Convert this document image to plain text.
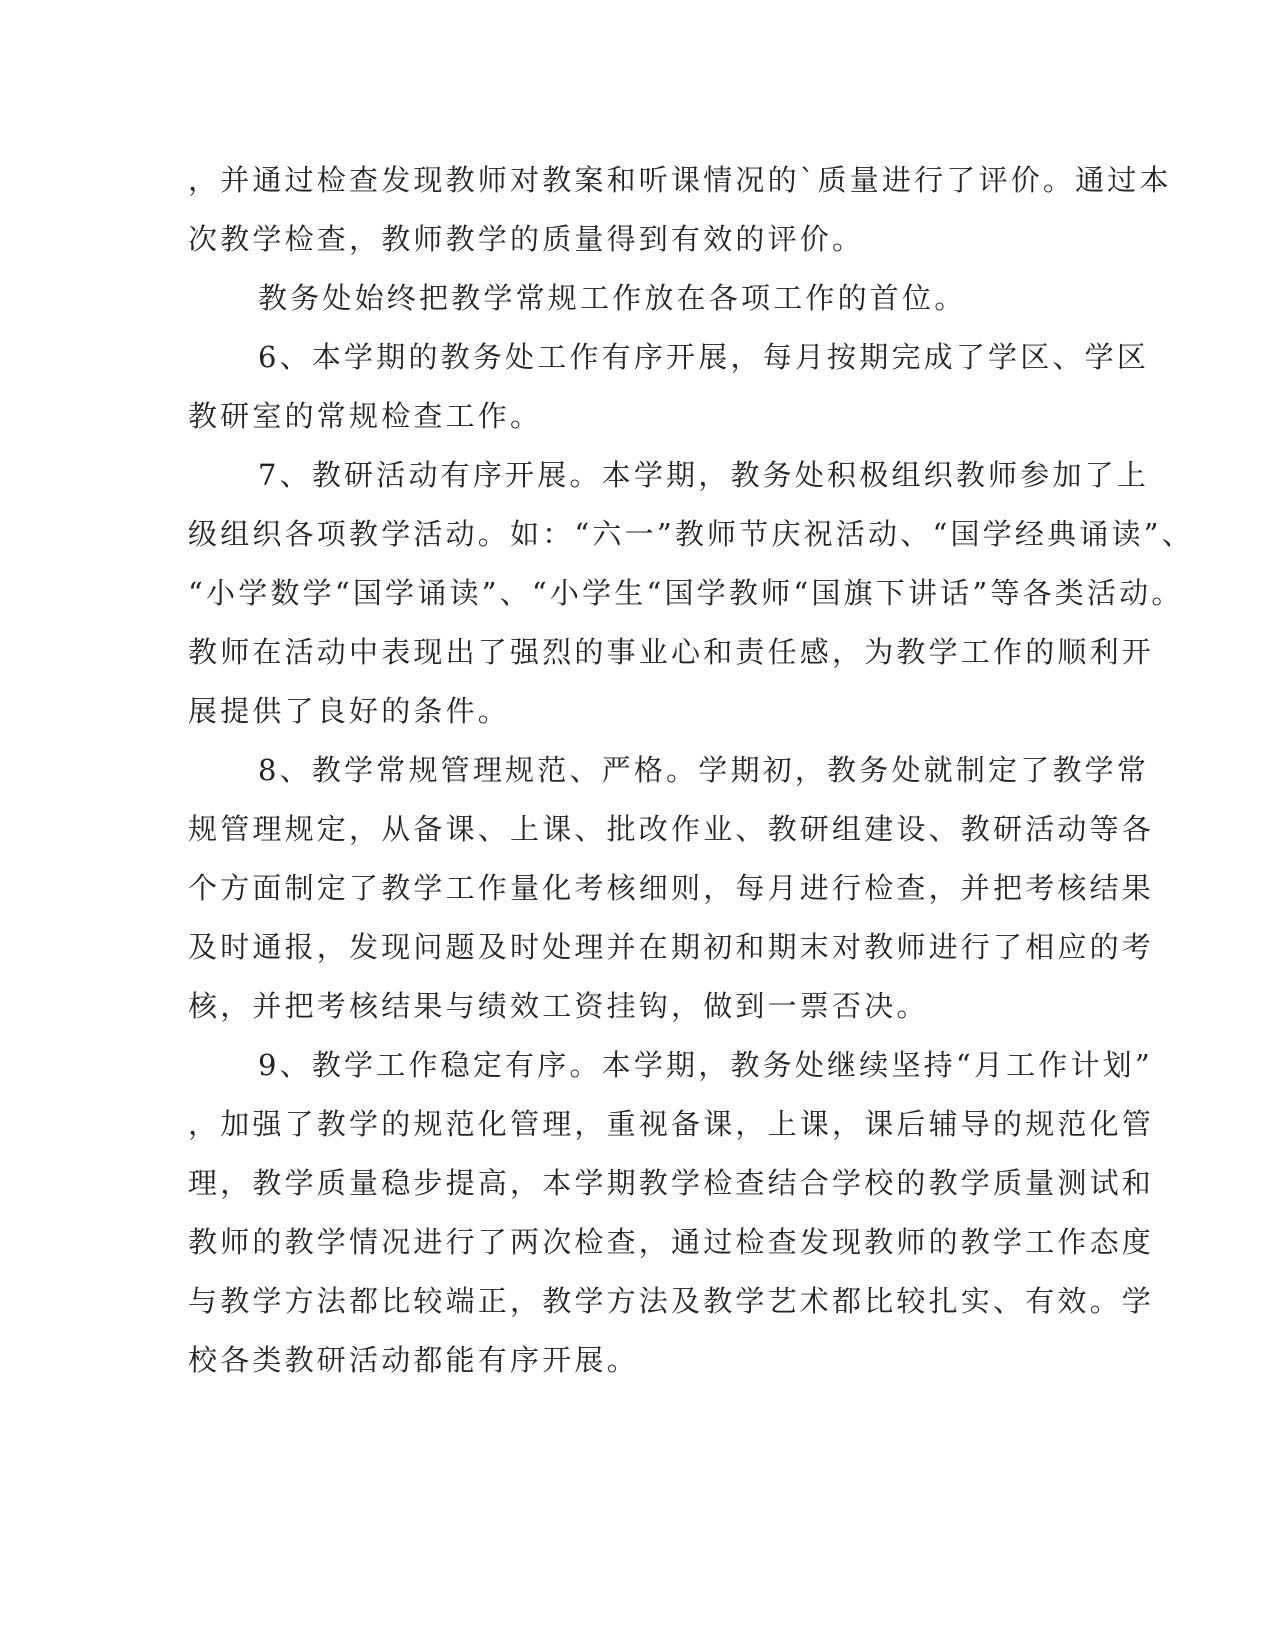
，并通过检查发现教师对教案和听课情况的`质量进行了评价。通过本
次教学检查，教师教学的质量得到有效的评价。
教务处始终把教学常规工作放在各项工作的首位。
6、本学期的教务处工作有序开展，每月按期完成了学区、学区
教研室的常规检查工作。
7、教研活动有序开展。本学期，教务处积极组织教师参加了上
级组织各项教学活动。如：“六一”教师节庆祝活动、“国学经典诵读”、
“小学数学“国学诵读”、“小学生“国学教师“国旗下讲话”等各类活动。
教师在活动中表现出了强烈的事业心和责任感，为教学工作的顺利开
展提供了良好的条件。
8、教学常规管理规范、严格。学期初，教务处就制定了教学常
规管理规定，从备课、上课、批改作业、教研组建设、教研活动等各
个方面制定了教学工作量化考核细则，每月进行检查，并把考核结果
及时通报，发现问题及时处理并在期初和期末对教师进行了相应的考
核，并把考核结果与绩效工资挂钩，做到一票否决。
9、教学工作稳定有序。本学期，教务处继续坚持“月工作计划”
，加强了教学的规范化管理，重视备课，上课，课后辅导的规范化管
理，教学质量稳步提高，本学期教学检查结合学校的教学质量测试和
教师的教学情况进行了两次检查，通过检查发现教师的教学工作态度
与教学方法都比较端正，教学方法及教学艺术都比较扎实、有效。学
校各类教研活动都能有序开展。
